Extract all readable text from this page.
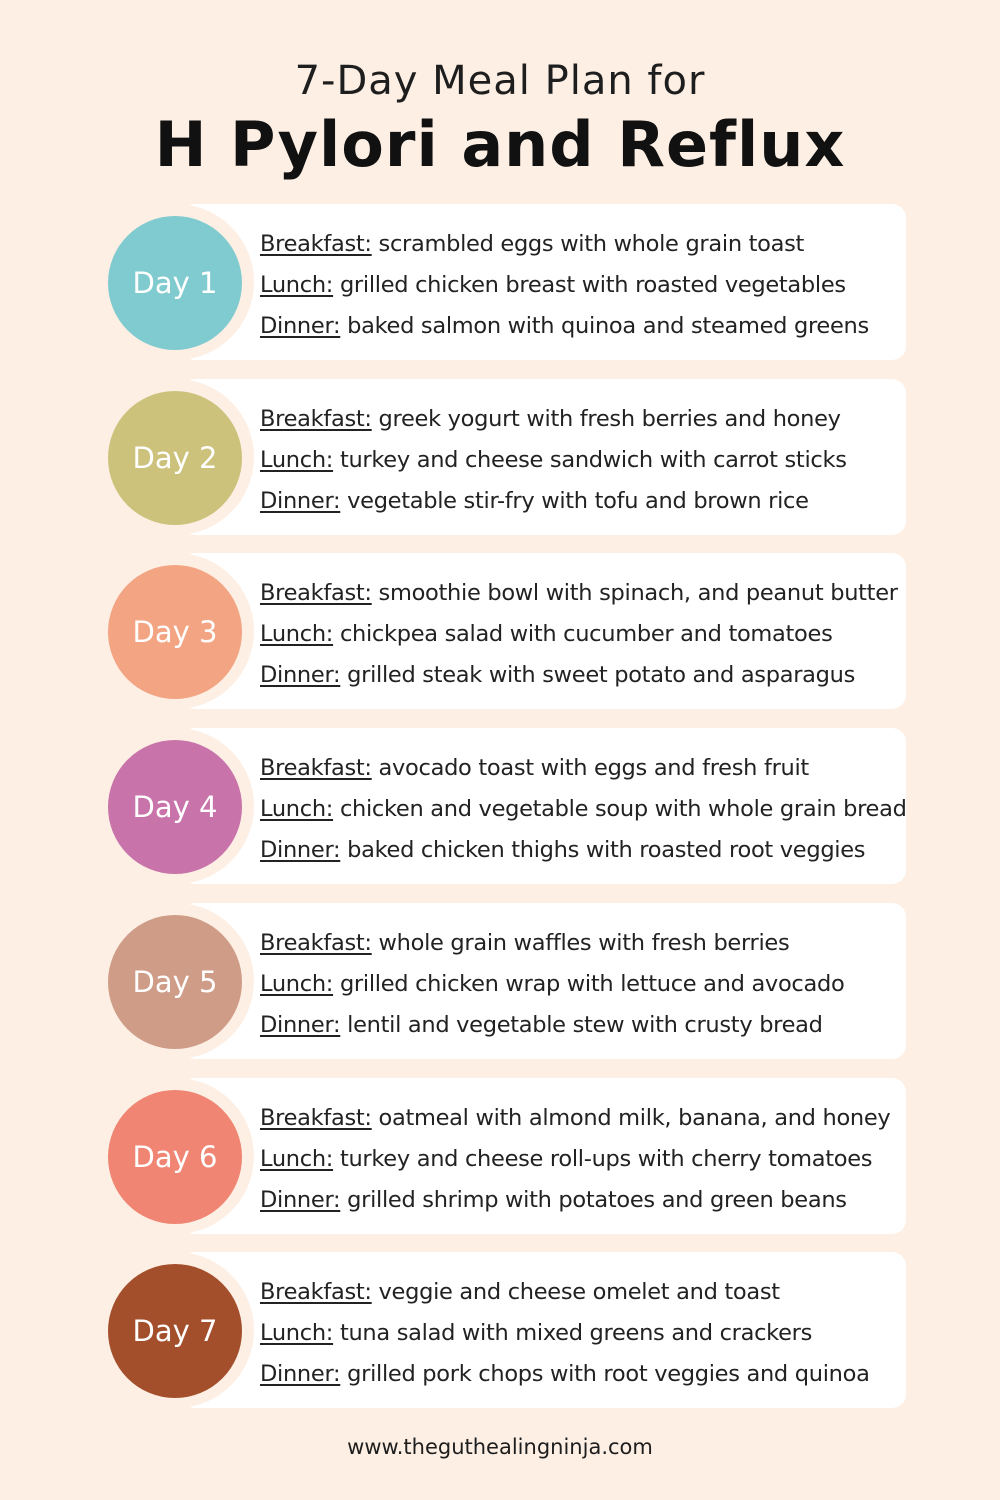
7-Day Meal Plan for
H Pylori and Reflux
Day 1
Breakfast: scrambled eggs with whole grain toast
Lunch: grilled chicken breast with roasted vegetables
Dinner: baked salmon with quinoa and steamed greens
Day 2
Breakfast: greek yogurt with fresh berries and honey
Lunch: turkey and cheese sandwich with carrot sticks
Dinner: vegetable stir-fry with tofu and brown rice
Day 3
Breakfast: smoothie bowl with spinach, and peanut butter
Lunch: chickpea salad with cucumber and tomatoes
Dinner: grilled steak with sweet potato and asparagus
Day 4
Breakfast: avocado toast with eggs and fresh fruit
Lunch: chicken and vegetable soup with whole grain bread
Dinner: baked chicken thighs with roasted root veggies
Day 5
Breakfast: whole grain waffles with fresh berries
Lunch: grilled chicken wrap with lettuce and avocado
Dinner: lentil and vegetable stew with crusty bread
Day 6
Breakfast: oatmeal with almond milk, banana, and honey
Lunch: turkey and cheese roll-ups with cherry tomatoes
Dinner: grilled shrimp with potatoes and green beans
Day 7
Breakfast: veggie and cheese omelet and toast
Lunch: tuna salad with mixed greens and crackers
Dinner: grilled pork chops with root veggies and quinoa
www.theguthealingninja.com
